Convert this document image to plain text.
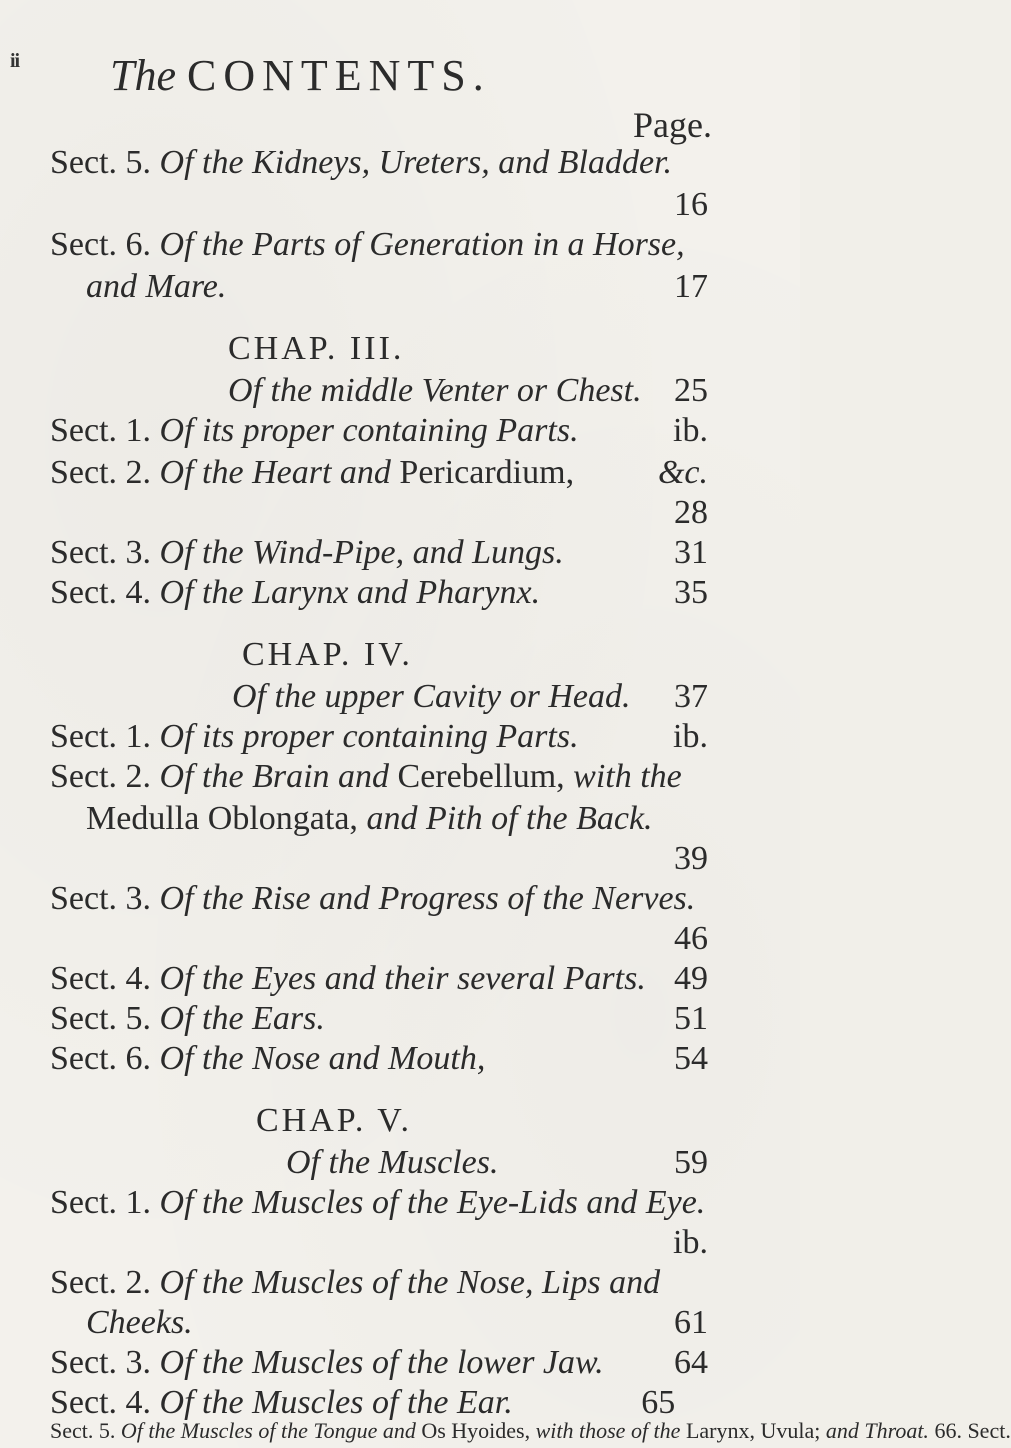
ii The CONTENTS.
Page.
Sect. 5. Of the Kidneys, Ureters, and Bladder.
16
Sect. 6. Of the Parts of Generation in a Horse,
and Mare.	17
CHAP. III.
Of the middle Venter or Chest. 25
Sect. 1. Of its proper containing Parts.	ib.
Sect. 2. Of the Heart and Pericardium, &c.
28
Sect. 3. Of the Wind-Pipe, and Lungs.	31
Sect. 4. Of the Larynx and Pharynx.	35
CHAP. IV.
Of the upper Cavity or Head. 37
Sect. 1. Of its proper containing Parts.	ib.
Sect. 2. Of the Brain and Cerebellum, with the
Medulla Oblongata, and Pith of the Back.
39
Sect. 3. Of the Rise and Progress of the Nerves.
46
Sect. 4. Of the Eyes and their several Parts. 49
Sect. 5. Of the Ears.	51
Sect. 6. Of the Nose and Mouth,	54
CHAP. V.
Of the Muscles.	59
Sect. 1. Of the Muscles of the Eye-Lids and Eye.
ib.
Sect. 2. Of the Muscles of the Nose, Lips and
Cheeks.	61
Sect. 3. Of the Muscles of the lower Jaw. 64
Sect. 4. Of the Muscles of the Ear.	65
Sect. 5. Of the Muscles of the Tongue and Os Hyoides, with those of the Larynx, Uvula; and Throat. 66. Sect.
